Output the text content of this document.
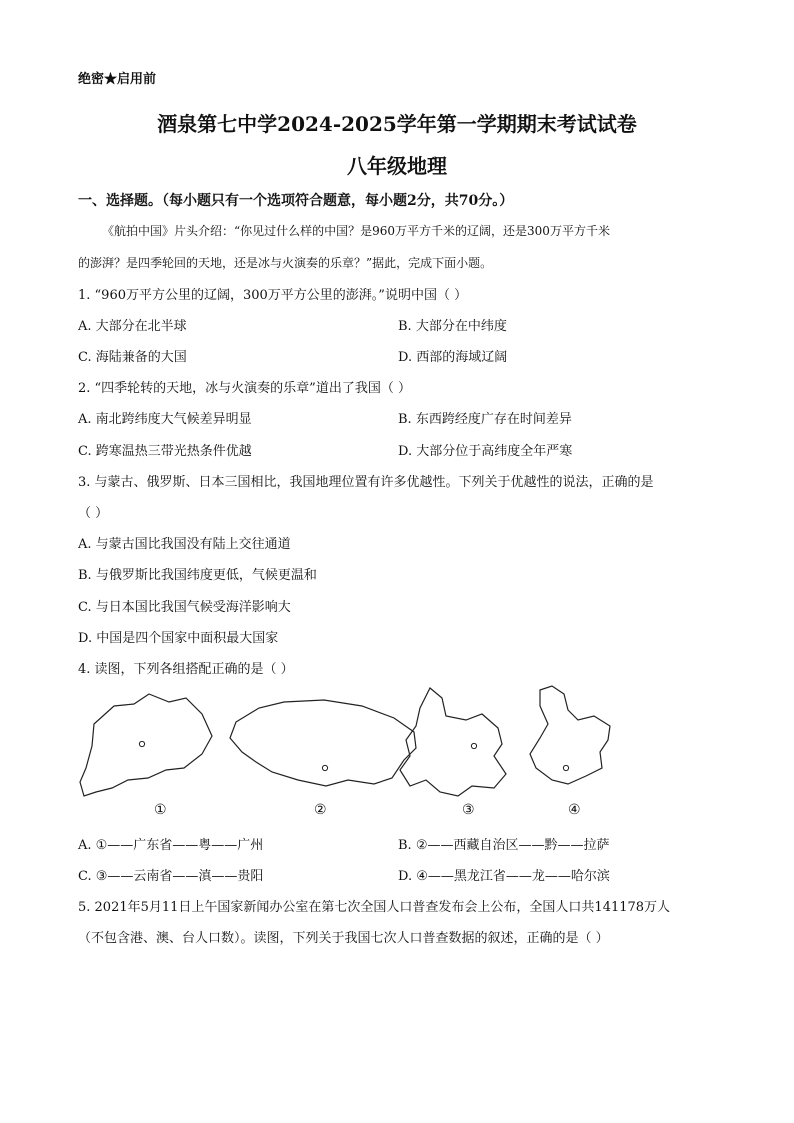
绝密★启用前
酒泉第七中学2024-2025学年第一学期期末考试试卷
八年级地理
一、选择题。（每小题只有一个选项符合题意，每小题2分，共70分。）
《航拍中国》片头介绍：“你见过什么样的中国？是960万平方千米的辽阔，还是300万平方千米
的澎湃？是四季轮回的天地，还是冰与火演奏的乐章？”据此，完成下面小题。
1. “960万平方公里的辽阔，300万平方公里的澎湃。”说明中国（ ）
A. 大部分在北半球	B. 大部分在中纬度
C. 海陆兼备的大国	D. 西部的海域辽阔
2. “四季轮转的天地，冰与火演奏的乐章”道出了我国（ ）
A. 南北跨纬度大气候差异明显	B. 东西跨经度广存在时间差异
C. 跨寒温热三带光热条件优越	D. 大部分位于高纬度全年严寒
3. 与蒙古、俄罗斯、日本三国相比，我国地理位置有许多优越性。下列关于优越性的说法，正确的是
（ ）
A. 与蒙古国比我国没有陆上交往通道
B. 与俄罗斯比我国纬度更低，气候更温和
C. 与日本国比我国气候受海洋影响大
D. 中国是四个国家中面积最大国家
4. 读图，下列各组搭配正确的是（ ）
①	②	③	④
A. ①——广东省——粤——广州	B. ②——西藏自治区——黔——拉萨
C. ③——云南省——滇——贵阳	D. ④——黑龙江省——龙——哈尔滨
5. 2021年5月11日上午国家新闻办公室在第七次全国人口普查发布会上公布，全国人口共141178万人
（不包含港、澳、台人口数）。读图，下列关于我国七次人口普查数据的叙述，正确的是（ ）
